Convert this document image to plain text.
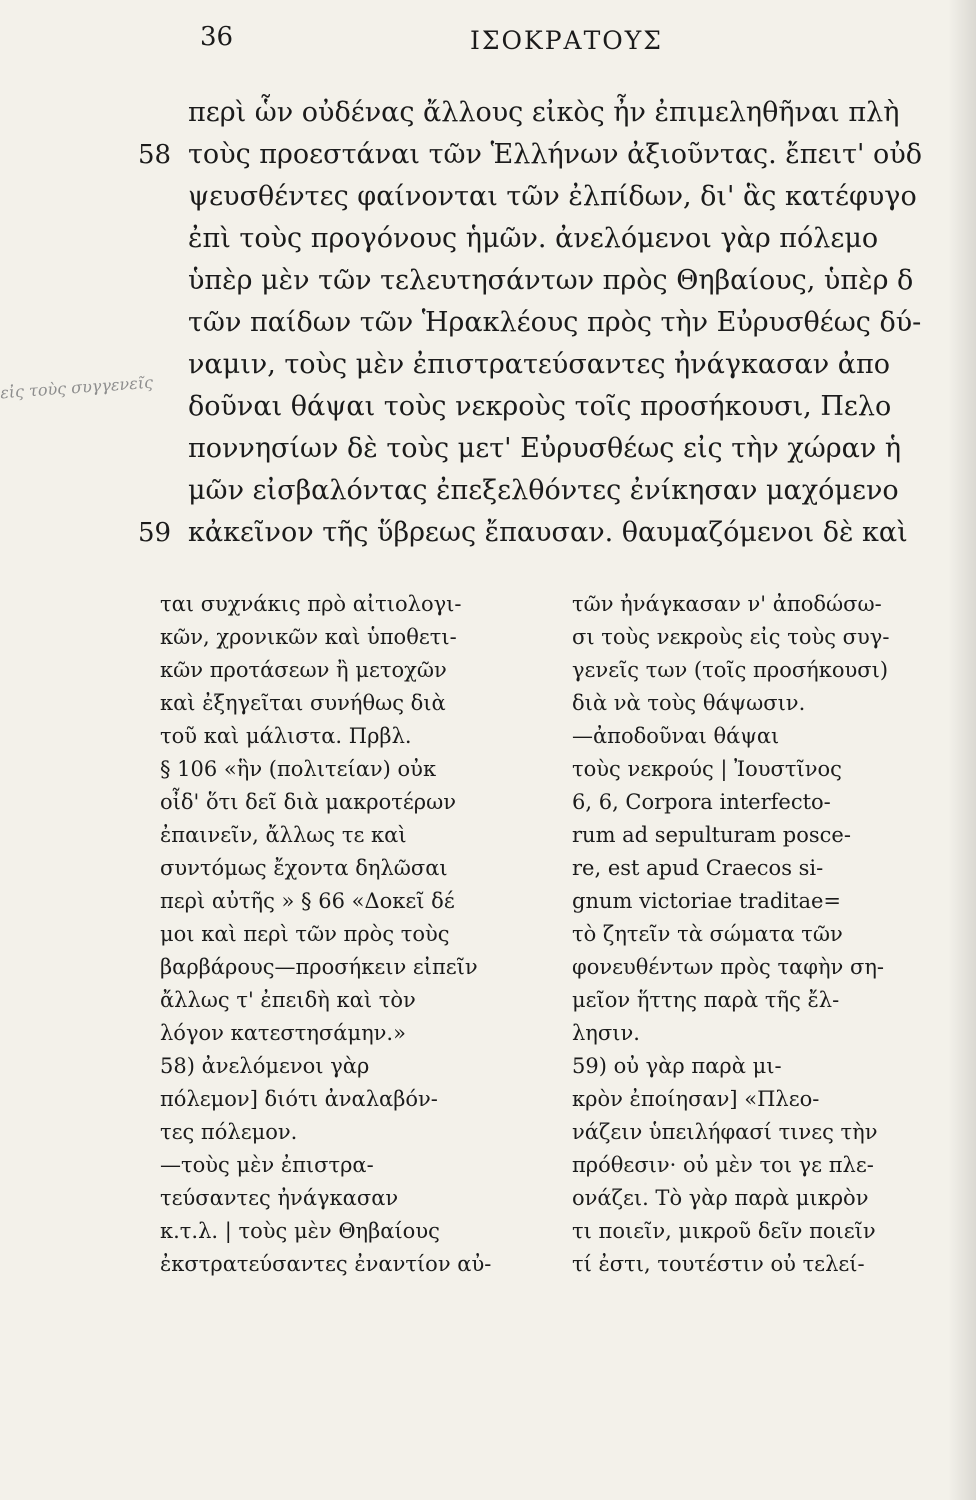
36	ΙΣΟΚΡΑΤΟΥΣ
εἰς τοὺς συγγενεῖς
περὶ ὧν οὐδένας ἄλλους εἰκὸς ἦν ἐπιμεληθῆναι πλὴ
58 τοὺς προεστάναι τῶν Ἑλλήνων ἀξιοῦντας. ἔπειτ' οὐδ
ψευσθέντες φαίνονται τῶν ἐλπίδων, δι' ἃς κατέφυγο
ἐπὶ τοὺς προγόνους ἡμῶν. ἀνελόμενοι γὰρ πόλεμο
ὑπὲρ μὲν τῶν τελευτησάντων πρὸς Θηβαίους, ὑπὲρ δ
τῶν παίδων τῶν Ἡρακλέους πρὸς τὴν Εὐρυσθέως δύ-
ναμιν, τοὺς μὲν ἐπιστρατεύσαντες ἠνάγκασαν ἀπο
δοῦναι θάψαι τοὺς νεκροὺς τοῖς προσήκουσι, Πελο
ποννησίων δὲ τοὺς μετ' Εὐρυσθέως εἰς τὴν χώραν ἡ
μῶν εἰσβαλόντας ἐπεξελθόντες ἐνίκησαν μαχόμενο
59 κἀκεῖνον τῆς ὕβρεως ἔπαυσαν. θαυμαζόμενοι δὲ καὶ
ται συχνάκις πρὸ αἰτιολογι-
κῶν, χρονικῶν καὶ ὑποθετι-
κῶν προτάσεων ἢ μετοχῶν
καὶ ἐξηγεῖται συνήθως διὰ
τοῦ καὶ μάλιστα. Πρβλ.
§ 106 «ἣν (πολιτείαν) οὐκ
οἶδ' ὅτι δεῖ διὰ μακροτέρων
ἐπαινεῖν, ἄλλως τε καὶ
συντόμως ἔχοντα δηλῶσαι
περὶ αὐτῆς » § 66 «Δοκεῖ δέ
μοι καὶ περὶ τῶν πρὸς τοὺς
βαρβάρους—προσήκειν εἰπεῖν
ἄλλως τ' ἐπειδὴ καὶ τὸν
λόγον κατεστησάμην.»
58) ἀνελόμενοι γὰρ
πόλεμον] διότι ἀναλαβόν-
τες πόλεμον.
—τοὺς μὲν ἐπιστρα-
τεύσαντες ἠνάγκασαν
κ.τ.λ. | τοὺς μὲν Θηβαίους
ἐκστρατεύσαντες ἐναντίον αὐ-
τῶν ἠνάγκασαν ν' ἀποδώσω-
σι τοὺς νεκροὺς εἰς τοὺς συγ-
γενεῖς των (τοῖς προσήκουσι)
διὰ νὰ τοὺς θάψωσιν.
—ἀποδοῦναι θάψαι
τοὺς νεκρούς | Ἰουστῖνος
6, 6, Corpora interfecto-
rum ad sepulturam posce-
re, est apud Craecos si-
gnum victoriae traditae=
τὸ ζητεῖν τὰ σώματα τῶν
φονευθέντων πρὸς ταφὴν ση-
μεῖον ἥττης παρὰ τῆς ἔλ-
λησιν.
59) οὐ γὰρ παρὰ μι-
κρὸν ἐποίησαν] «Πλεο-
νάζειν ὑπειλήφασί τινες τὴν
πρόθεσιν· οὐ μὲν τοι γε πλε-
ονάζει. Τὸ γὰρ παρὰ μικρὸν
τι ποιεῖν, μικροῦ δεῖν ποιεῖν
τί ἐστι, τουτέστιν οὐ τελεί-
